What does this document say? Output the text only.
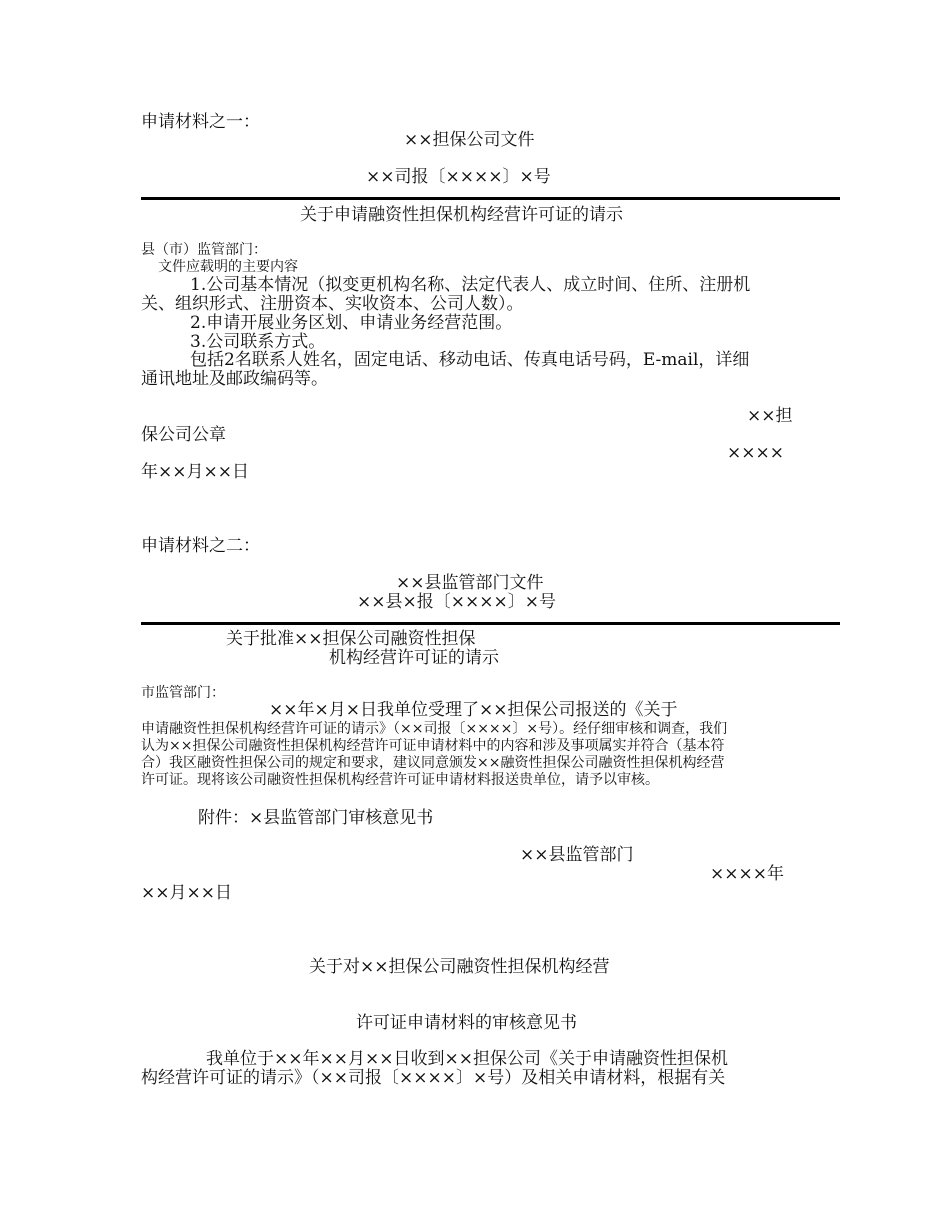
申请材料之一：
××担保公司文件
××司报〔××××〕×号
关于申请融资性担保机构经营许可证的请示
县（市）监管部门：
文件应载明的主要内容
1.公司基本情况（拟变更机构名称、法定代表人、成立时间、住所、注册机
关、组织形式、注册资本、实收资本、公司人数）。
2.申请开展业务区划、申请业务经营范围。
3.公司联系方式。
包括2名联系人姓名，固定电话、移动电话、传真电话号码，E-mail，详细
通讯地址及邮政编码等。
××担
保公司公章
××××
年××月××日
申请材料之二：
××县监管部门文件
××县×报〔××××〕×号
关于批准××担保公司融资性担保
机构经营许可证的请示
市监管部门：
××年×月×日我单位受理了××担保公司报送的《关于
申请融资性担保机构经营许可证的请示》（××司报〔××××〕×号）。经仔细审核和调查，我们
认为××担保公司融资性担保机构经营许可证申请材料中的内容和涉及事项属实并符合（基本符
合）我区融资性担保公司的规定和要求，建议同意颁发××融资性担保公司融资性担保机构经营
许可证。现将该公司融资性担保机构经营许可证申请材料报送贵单位，请予以审核。
附件：×县监管部门审核意见书
××县监管部门
××××年
××月××日
关于对××担保公司融资性担保机构经营
许可证申请材料的审核意见书
我单位于××年××月××日收到××担保公司《关于申请融资性担保机
构经营许可证的请示》（××司报〔××××〕×号）及相关申请材料，根据有关
